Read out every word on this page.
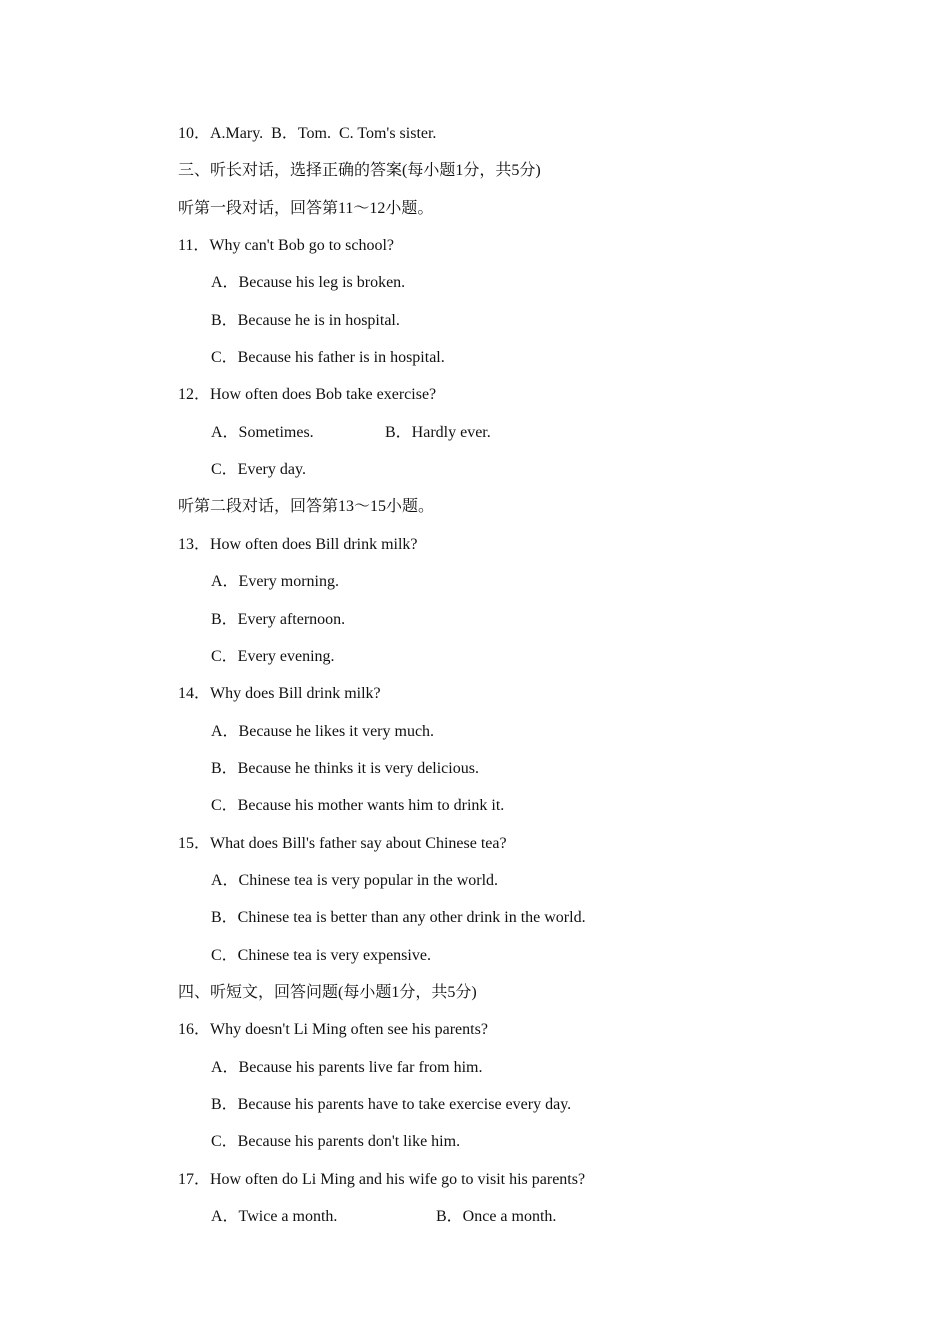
10．A.Mary.  B．Tom.  C. Tom's sister.
三、听长对话，选择正确的答案(每小题1分，共5分)
听第一段对话，回答第11～12小题。
11．Why can't Bob go to school?
A．Because his leg is broken.
B．Because he is in hospital.
C．Because his father is in hospital.
12．How often does Bob take exercise?
A．Sometimes.	B．Hardly ever.
C．Every day.
听第二段对话，回答第13～15小题。
13．How often does Bill drink milk?
A．Every morning.
B．Every afternoon.
C．Every evening.
14．Why does Bill drink milk?
A．Because he likes it very much.
B．Because he thinks it is very delicious.
C．Because his mother wants him to drink it.
15．What does Bill's father say about Chinese tea?
A．Chinese tea is very popular in the world.
B．Chinese tea is better than any other drink in the world.
C．Chinese tea is very expensive.
四、听短文，回答问题(每小题1分，共5分)
16．Why doesn't Li Ming often see his parents?
A．Because his parents live far from him.
B．Because his parents have to take exercise every day.
C．Because his parents don't like him.
17．How often do Li Ming and his wife go to visit his parents?
A．Twice a month.	B．Once a month.
